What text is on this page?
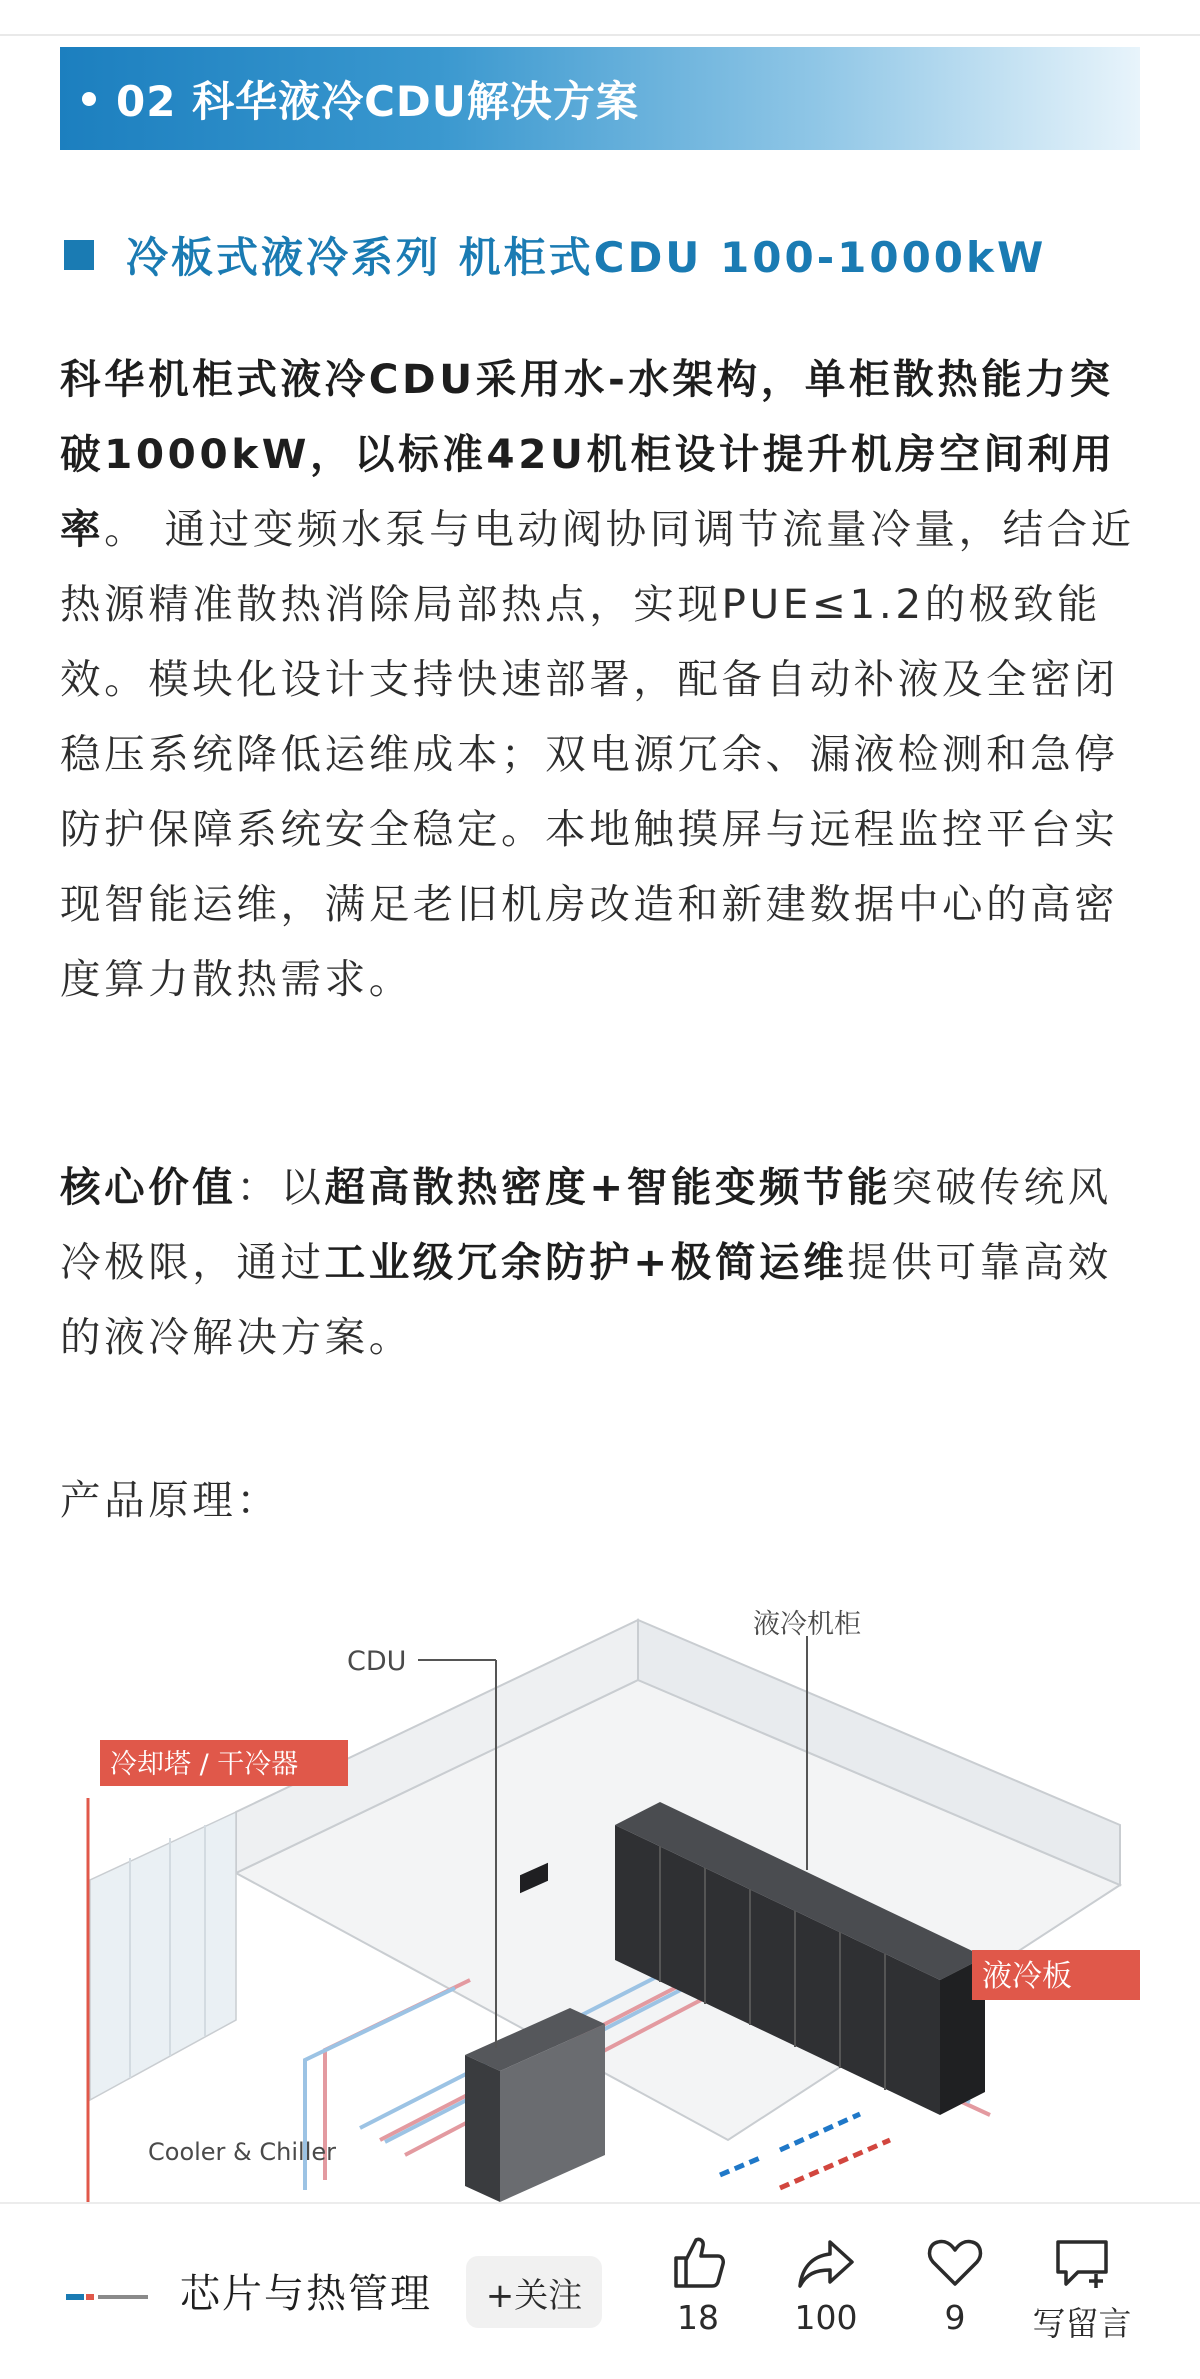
02 科华液冷CDU解决方案
冷板式液冷系列 机柜式CDU 100-1000kW
科华机柜式液冷CDU采用水-水架构，单柜散热能力突破1000kW，以标准42U机柜设计提升机房空间利用率。 通过变频水泵与电动阀协同调节流量冷量，结合近热源精准散热消除局部热点，实现PUE≤1.2的极致能效。模块化设计支持快速部署，配备自动补液及全密闭稳压系统降低运维成本；双电源冗余、漏液检测和急停防护保障系统安全稳定。本地触摸屏与远程监控平台实现智能运维，满足老旧机房改造和新建数据中心的高密度算力散热需求。
核心价值：以超高散热密度+智能变频节能突破传统风冷极限，通过工业级冗余防护+极简运维提供可靠高效的液冷解决方案。
产品原理：
CDU
液冷机柜
冷却塔 / 干冷器
液冷板
Cooler & Chiller
芯片与热管理	+关注
18	100	9	写留言
